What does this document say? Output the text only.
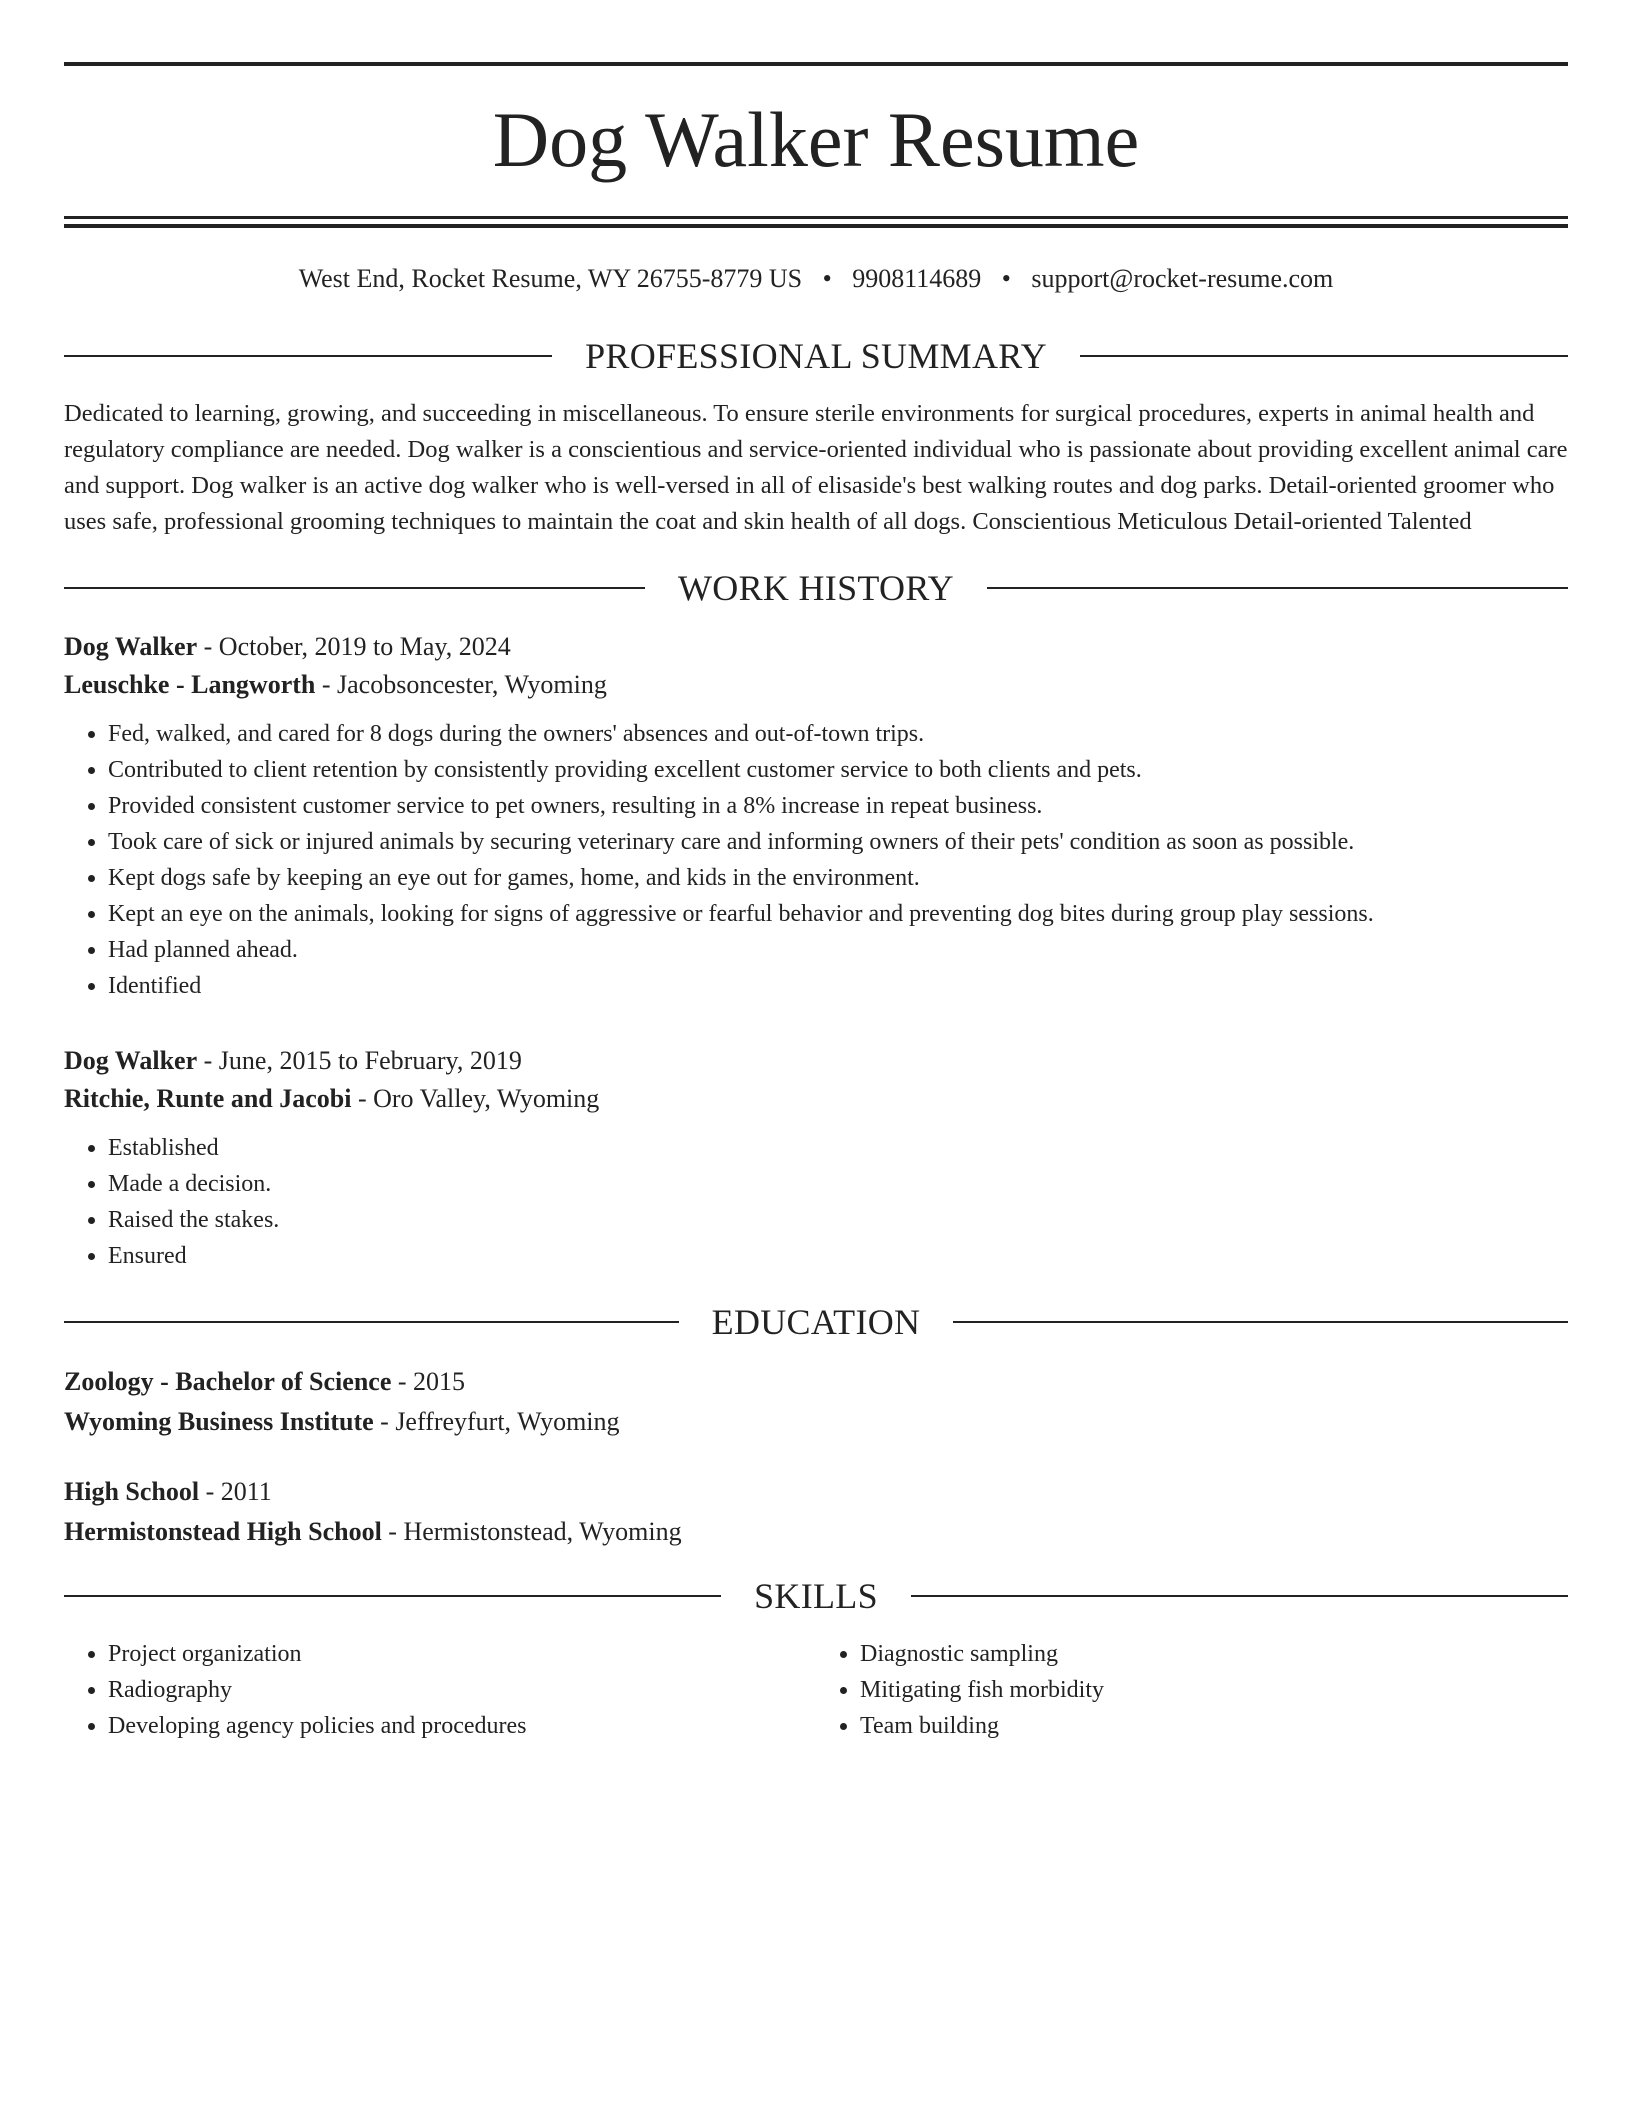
Dog Walker Resume
West End, Rocket Resume, WY 26755-8779 US • 9908114689 • support@rocket-resume.com
PROFESSIONAL SUMMARY

Dedicated to learning, growing, and succeeding in miscellaneous. To ensure sterile environments for surgical procedures, experts in animal health and regulatory compliance are needed. Dog walker is a conscientious and service-oriented individual who is passionate about providing excellent animal care and support. Dog walker is an active dog walker who is well-versed in all of elisaside's best walking routes and dog parks. Detail-oriented groomer who uses safe, professional grooming techniques to maintain the coat and skin health of all dogs. Conscientious Meticulous Detail-oriented Talented

WORK HISTORY
Dog Walker - October, 2019 to May, 2024
Leuschke - Langworth - Jacobsoncester, Wyoming
• Fed, walked, and cared for 8 dogs during the owners' absences and out-of-town trips.
• Contributed to client retention by consistently providing excellent customer service to both clients and pets.
• Provided consistent customer service to pet owners, resulting in a 8% increase in repeat business.
• Took care of sick or injured animals by securing veterinary care and informing owners of their pets' condition as soon as possible.
• Kept dogs safe by keeping an eye out for games, home, and kids in the environment.
• Kept an eye on the animals, looking for signs of aggressive or fearful behavior and preventing dog bites during group play sessions.
• Had planned ahead.
• Identified
Dog Walker - June, 2015 to February, 2019
Ritchie, Runte and Jacobi - Oro Valley, Wyoming
• Established
• Made a decision.
• Raised the stakes.
• Ensured
EDUCATION
Zoology - Bachelor of Science - 2015
Wyoming Business Institute - Jeffreyfurt, Wyoming
High School - 2011
Hermistonstead High School - Hermistonstead, Wyoming
SKILLS
• Project organization
• Radiography
• Developing agency policies and procedures
• Diagnostic sampling
• Mitigating fish morbidity
• Team building
